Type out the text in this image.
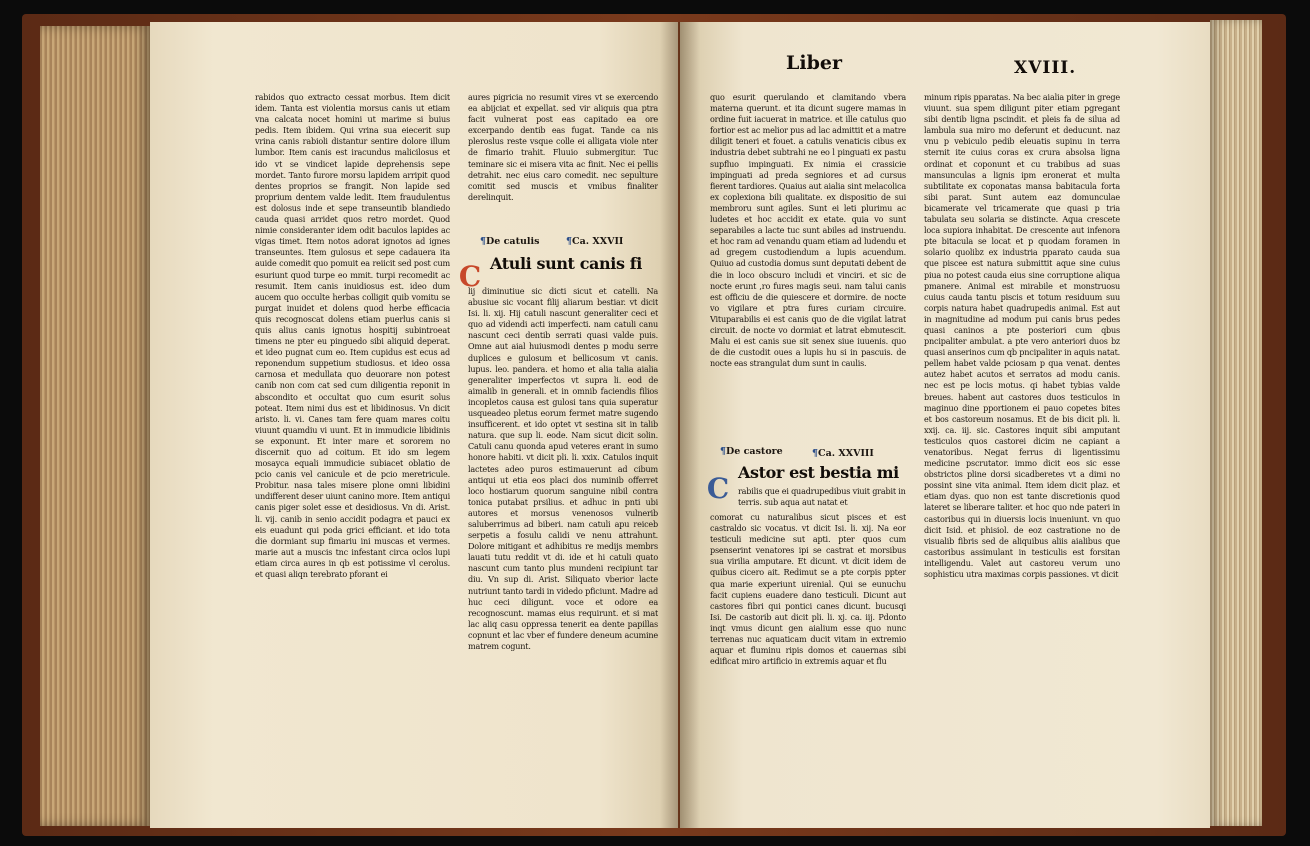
Liber	XVIII.

rabidos quo extracto cessat morbus. Item dicit idem. Tanta est violentia morsus canis ut etiam vna calcata nocet homini ut marime si buius pedis. Item ibidem. Qui vrina sua eiecerit sup vrina canis rabioli distantur sentire dolore illum lumbor. Item canis est iracundus malicilosus et ido vt se vindicet lapide deprehensis sepe mordet. Tanto furore morsu lapidem arripit quod dentes proprios se frangit. Non lapide sed proprium dentem valde ledit. Item fraudulentus est dolosus inde et sepe transeuntib blandiedo cauda quasi arridet quos retro mordet. Quod nimie consideranter idem odit baculos lapides ac vigas timet. Item notos adorat ignotos ad ignes transeuntes. Item gulosus et sepe cadauera ita auide comedit quo pomuit ea reiicit sed post cum esuriunt quod turpe eo mmit. turpi recomedit ac resumit. Item canis inuidiosus est. ideo dum aucem quo occulte herbas colligit quib vomitu se purgat inuidet et dolens quod herbe efficacia quis recognoscat dolens etiam puerlus canis si quis alius canis ignotus hospitij subintroeat timens ne pter eu pinguedo sibi aliquid deperat. et ideo pugnat cum eo. Item cupidus est ecus ad reponendum suppetium studiosus. et ideo ossa carnosa et medullata quo deuorare non potest canib non com cat sed cum diligentia reponit in abscondito et occultat quo cum esurit solus poteat. Item nimi dus est et libidinosus. Vn dicit aristo. li. vi. Canes tam fere quam mares coitu viuunt quamdiu vi uunt. Et in immudicie libidinis se exponunt. Et inter mare et sororem no discernit quo ad coitum. Et ido sm legem mosayca equali immudicie subiacet oblatio de pcio canis vel canicule et de pcio meretricule. Probitur. nasa tales misere plone omni libidini undifferent deser uiunt canino more. Item antiqui canis piger solet esse et desidiosus. Vn di. Arist. li. vij. canib in senio accidit podagra et pauci ex eis euadunt qui poda grici efficiant. et ido tota die dormiant sup fimariu ini muscas et vermes. marie aut a muscis tnc infestant circa oclos lupi etiam circa aures in qb est potissime vl cerolus. et quasi aliqn terebrato pforant ei

aures pigricia no resumit vires vt se exercendo ea abijciat et expellat. sed vir aliquis qua ptra facit vulnerat post eas capitado ea ore excerpando dentib eas fugat. Tande ca nis pleroslus reste vsque colle ei alligata viole nter de fimario trahit. Fluuio submergitur. Tuc teminare sic ei misera vita ac finit. Nec ei pellis detrahit. nec eius caro comedit. nec sepulture comitit sed muscis et vmibus finaliter derelinquit.

¶De catulis	¶Ca. XXVII
C Atuli sunt canis fi

lij diminutiue sic dicti sicut et catelli. Na abusiue sic vocant filij aliarum bestiar. vt dicit Isi. li. xij. Hij catuli nascunt generaliter ceci et quo ad videndi acti imperfecti. nam catuli canu nascunt ceci dentib serrati quasi valde puis. Omne aut aial huiusmodi dentes p modu serre duplices e gulosum et bellicosum vt canis. lupus. leo. pandera. et homo et alia talia aialia generaliter imperfectos vt supra li. eod de aimalib in generali. et in omnib faciendis filios incopletos causa est gulosi tans quia superatur usqueadeo pletus eorum fermet matre sugendo insufficerent. et ido optet vt sestina sit in talib natura. que sup li. eode. Nam sicut dicit solin. Catuli canu quonda apud veteres erant in sumo honore habiti. vt dicit pli. li. xxix. Catulos inquit lactetes adeo puros estimauerunt ad cibum antiqui ut etia eos placi dos numinib offerret loco hostiarum quorum sanguine nibil contra tonica putabat prsilius. et adhuc in pnti ubi autores et morsus venenosos vulnerib saluberrimus ad biberi. nam catuli apu reiceb serpetis a fosulu calidi ve nenu attrahunt. Dolore mitigant et adhibitus re medijs membrs lauati tutu reddit vt di. ide et hi catuli quato nascunt cum tanto plus mundeni recipiunt tar diu. Vn sup di. Arist. Siliquato vberior lacte nutriunt tanto tardi in videdo pficiunt. Madre ad huc ceci diligunt. voce et odore ea recognoscunt. mamas eius requirunt. et si mat lac aliq casu oppressa tenerit ea dente papillas copnunt et lac vber ef fundere deneum acumine matrem cogunt.

quo esurit querulando et clamitando vbera materna querunt. et ita dicunt sugere mamas in ordine fuit iacuerat in matrice. et ille catulus quo fortior est ac melior pus ad lac admittit et a matre diligit teneri et fouet. a catulis venaticis cibus ex industria debet subtrahi ne eo l pinguati ex pastu supfluo impinguati. Ex nimia ei crassicie impinguati ad preda segniores et ad cursus fierent tardiores. Quaius aut aialia sint melacolica ex coplexiona bili qualitate. ex dispositio de sui membroru sunt agiles. Sunt ei leti plurimu ac ludetes et hoc accidit ex etate. quia vo sunt separabiles a lacte tuc sunt abiles ad instruendu. et hoc ram ad venandu quam etiam ad ludendu et ad gregem custodiendum a lupis acuendum. Quiuo ad custodia domus sunt deputati debent de die in loco obscuro includi et vinciri. et sic de nocte erunt ,ro fures magis seui. nam talui canis est officiu de die quiescere et dormire. de nocte vo vigilare et ptra fures curiam circuire. Vituparabilis ei est canis quo de die vigilat latrat circuit. de nocte vo dormiat et latrat ebmutescit. Malu ei est canis sue sit senex siue iuuenis. quo de die custodit oues a lupis hu si in pascuis. de nocte eas strangulat dum sunt in caulis.

¶De castore	¶Ca. XXVIII
C Astor est bestia mi
rabilis que ei quadrupedibus viuit grabit in terris. sub aqua aut natat et

comorat cu naturalibus sicut pisces et est castraldo sic vocatus. vt dicit Isi. li. xij. Na eor testiculi medicine sut apti. pter quos cum psenserint venatores ipi se castrat et morsibus sua virilia amputare. Et dicunt. vt dicit idem de quibus cicero ait. Redimut se a pte corpis ppter qua marie experiunt uirenial. Qui se eunuchu facit cupiens euadere dano testiculi. Dicunt aut castores fibri qui pontici canes dicunt. bucusqi Isi. De castorib aut dicit pli. li. xj. ca. iij. Pdonto inqt vmus dicunt gen aialium esse quo nunc terrenas nuc aquaticam ducit vitam in extremio aquar et fluminu ripis domos et cauernas sibi edificat miro artificio in extremis aquar et flu

minum ripis pparatas. Na bec aialia piter in grege viuunt. sua spem diligunt piter etiam pgregant sibi dentib ligna pscindit. et pleis fa de silua ad lambula sua miro mo deferunt et deducunt. naz vnu p vebiculo pedib eleuatis supinu in terra sternit ite cuius coras ex crura absolsa ligna ordinat et coponunt et cu trabibus ad suas mansunculas a lignis ipm eronerat et multa subtilitate ex coponatas mansa babitacula forta sibi parat. Sunt autem eaz domunculae bicamerate vel tricamerate que quasi p tria tabulata seu solaria se distincte. Aqua crescete loca supiora inhabitat. De crescente aut infenora pte bitacula se locat et p quodam foramen in solario quolibz ex industria pparato cauda sua que piscee est natura submittit aque sine cuius piua no potest cauda eius sine corruptione aliqua pmanere. Animal est mirabile et monstruosu cuius cauda tantu piscis et totum residuum suu corpis natura habet quadrupedis animal. Est aut in magnitudine ad modum pui canis brus pedes quasi caninos a pte posteriori cum qbus pncipaliter ambulat. a pte vero anteriori duos bz quasi anserinos cum qb pncipaliter in aquis natat. pellem habet valde pciosam p qua venat. dentes autez habet acutos et serratos ad modu canis. nec est pe locis motus. qi habet tybias valde breues. habent aut castores duos testiculos in maginuo dine pportionem ei pauo copetes bites et bos castoreum nosamus. Et de bis dicit pli. li. xxij. ca. iij. sic. Castores inquit sibi amputant testiculos quos castorei dicim ne capiant a venatoribus. Negat ferrus di ligentissimu medicine pscrutator. immo dicit eos sic esse obstrictos pline dorsi sicadberetes vt a dimi no possint sine vita animal. Item idem dicit plaz. et etiam dyas. quo non est tante discretionis quod lateret se liberare taliter. et hoc quo nde pateri in castoribus qui in diuersis locis inueniunt. vn quo dicit Isid. et phisiol. de eoz castratione no de visualib fibris sed de aliquibus aliis aialibus que castoribus assimulant in testiculis est forsitan intelligendu. Valet aut castoreu verum uno sophisticu utra maximas corpis passiones. vt dicit
